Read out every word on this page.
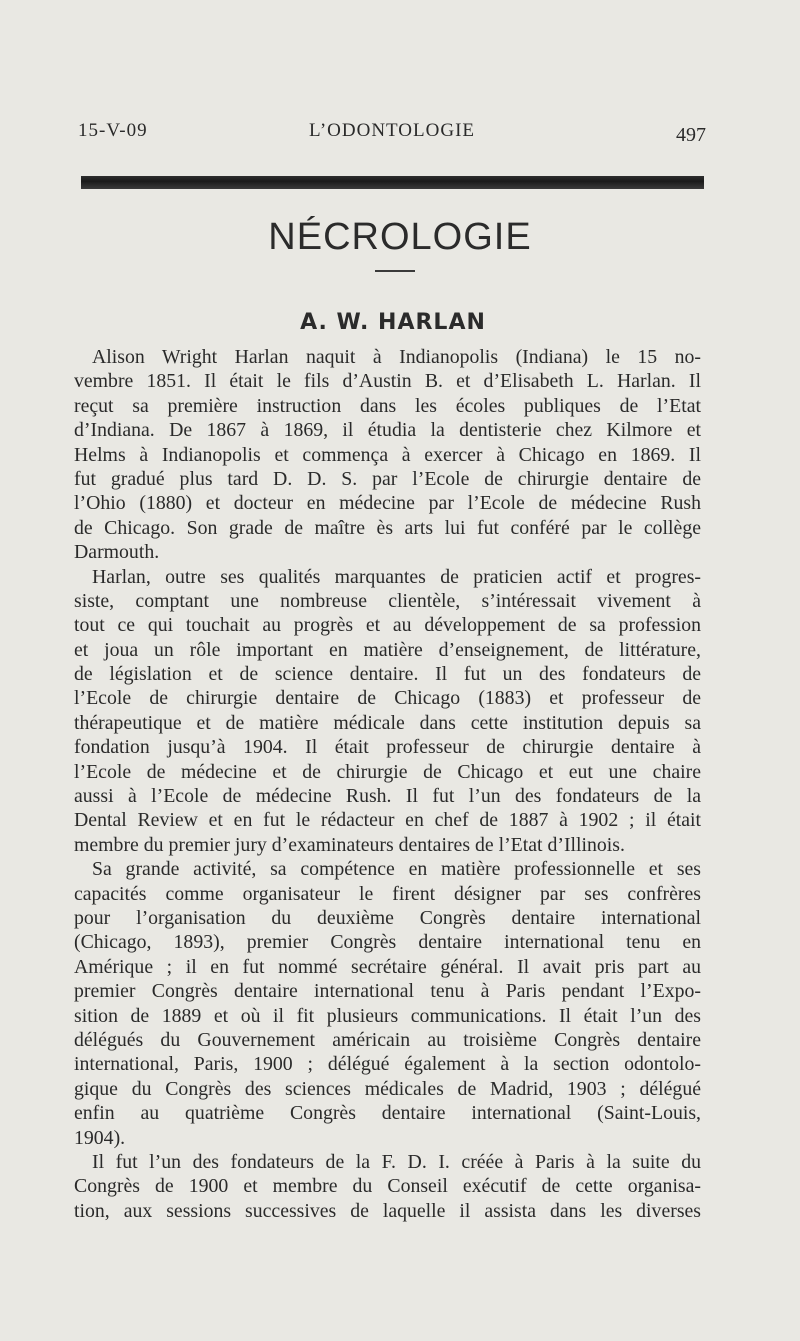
15-V-09	L’ODONTOLOGIE	497
NÉCROLOGIE
A. W. HARLAN
Alison Wright Harlan naquit à Indianopolis (Indiana) le 15 no-
vembre 1851. Il était le fils d’Austin B. et d’Elisabeth L. Harlan. Il
reçut sa première instruction dans les écoles publiques de l’Etat
d’Indiana. De 1867 à 1869, il étudia la dentisterie chez Kilmore et
Helms à Indianopolis et commença à exercer à Chicago en 1869. Il
fut gradué plus tard D. D. S. par l’Ecole de chirurgie dentaire de
l’Ohio (1880) et docteur en médecine par l’Ecole de médecine Rush
de Chicago. Son grade de maître ès arts lui fut conféré par le collège
Darmouth.
Harlan, outre ses qualités marquantes de praticien actif et progres-
siste, comptant une nombreuse clientèle, s’intéressait vivement à
tout ce qui touchait au progrès et au développement de sa profession
et joua un rôle important en matière d’enseignement, de littérature,
de législation et de science dentaire. Il fut un des fondateurs de
l’Ecole de chirurgie dentaire de Chicago (1883) et professeur de
thérapeutique et de matière médicale dans cette institution depuis sa
fondation jusqu’à 1904. Il était professeur de chirurgie dentaire à
l’Ecole de médecine et de chirurgie de Chicago et eut une chaire
aussi à l’Ecole de médecine Rush. Il fut l’un des fondateurs de la
Dental Review et en fut le rédacteur en chef de 1887 à 1902 ; il était
membre du premier jury d’examinateurs dentaires de l’Etat d’Illinois.
Sa grande activité, sa compétence en matière professionnelle et ses
capacités comme organisateur le firent désigner par ses confrères
pour l’organisation du deuxième Congrès dentaire international
(Chicago, 1893), premier Congrès dentaire international tenu en
Amérique ; il en fut nommé secrétaire général. Il avait pris part au
premier Congrès dentaire international tenu à Paris pendant l’Expo-
sition de 1889 et où il fit plusieurs communications. Il était l’un des
délégués du Gouvernement américain au troisième Congrès dentaire
international, Paris, 1900 ; délégué également à la section odontolo-
gique du Congrès des sciences médicales de Madrid, 1903 ; délégué
enfin au quatrième Congrès dentaire international (Saint-Louis,
1904).
Il fut l’un des fondateurs de la F. D. I. créée à Paris à la suite du
Congrès de 1900 et membre du Conseil exécutif de cette organisa-
tion, aux sessions successives de laquelle il assista dans les diverses
